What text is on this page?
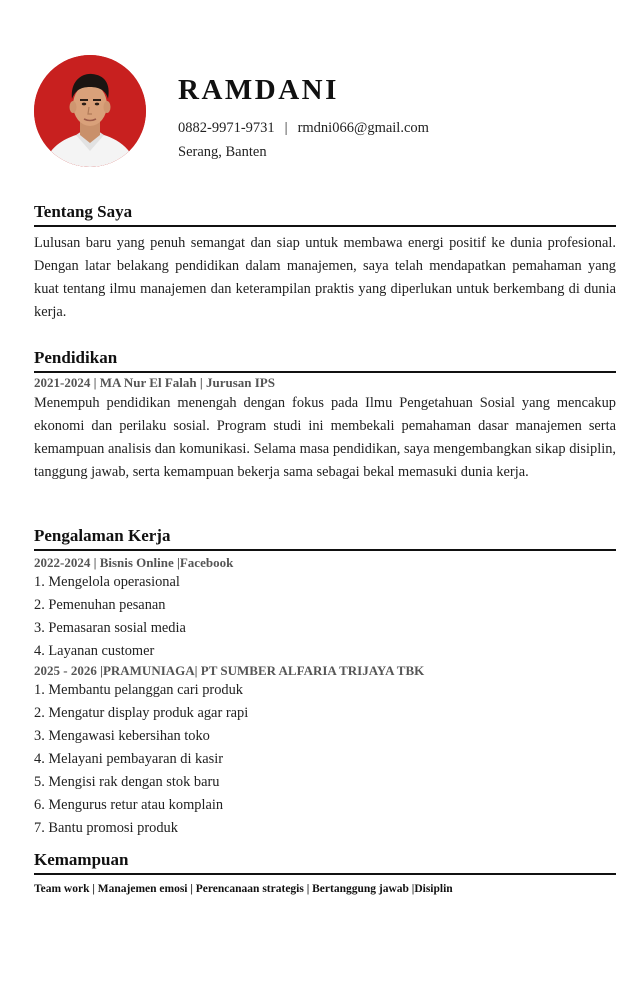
RAMDANI
0882-9971-9731 | rmdni066@gmail.com
Serang, Banten
Tentang Saya

Lulusan baru yang penuh semangat dan siap untuk membawa energi positif ke dunia profesional. Dengan latar belakang pendidikan dalam manajemen, saya telah mendapatkan pemahaman yang kuat tentang ilmu manajemen dan keterampilan praktis yang diperlukan untuk berkembang di dunia kerja.

Pendidikan

2021-2024 | MA Nur El Falah | Jurusan IPS

Menempuh pendidikan menengah dengan fokus pada Ilmu Pengetahuan Sosial yang mencakup ekonomi dan perilaku sosial. Program studi ini membekali pemahaman dasar manajemen serta kemampuan analisis dan komunikasi. Selama masa pendidikan, saya mengembangkan sikap disiplin, tanggung jawab, serta kemampuan bekerja sama sebagai bekal memasuki dunia kerja.

Pengalaman Kerja

2022-2024 | Bisnis Online |Facebook

1. Mengelola operasional
2. Pemenuhan pesanan
3. Pemasaran sosial media
4. Layanan customer

2025 - 2026 |PRAMUNIAGA| PT SUMBER ALFARIA TRIJAYA TBK

1. Membantu pelanggan cari produk
2. Mengatur display produk agar rapi
3. Mengawasi kebersihan toko
4. Melayani pembayaran di kasir
5. Mengisi rak dengan stok baru
6. Mengurus retur atau komplain
7. Bantu promosi produk
Kemampuan

Team work | Manajemen emosi | Perencanaan strategis | Bertanggung jawab |Disiplin
